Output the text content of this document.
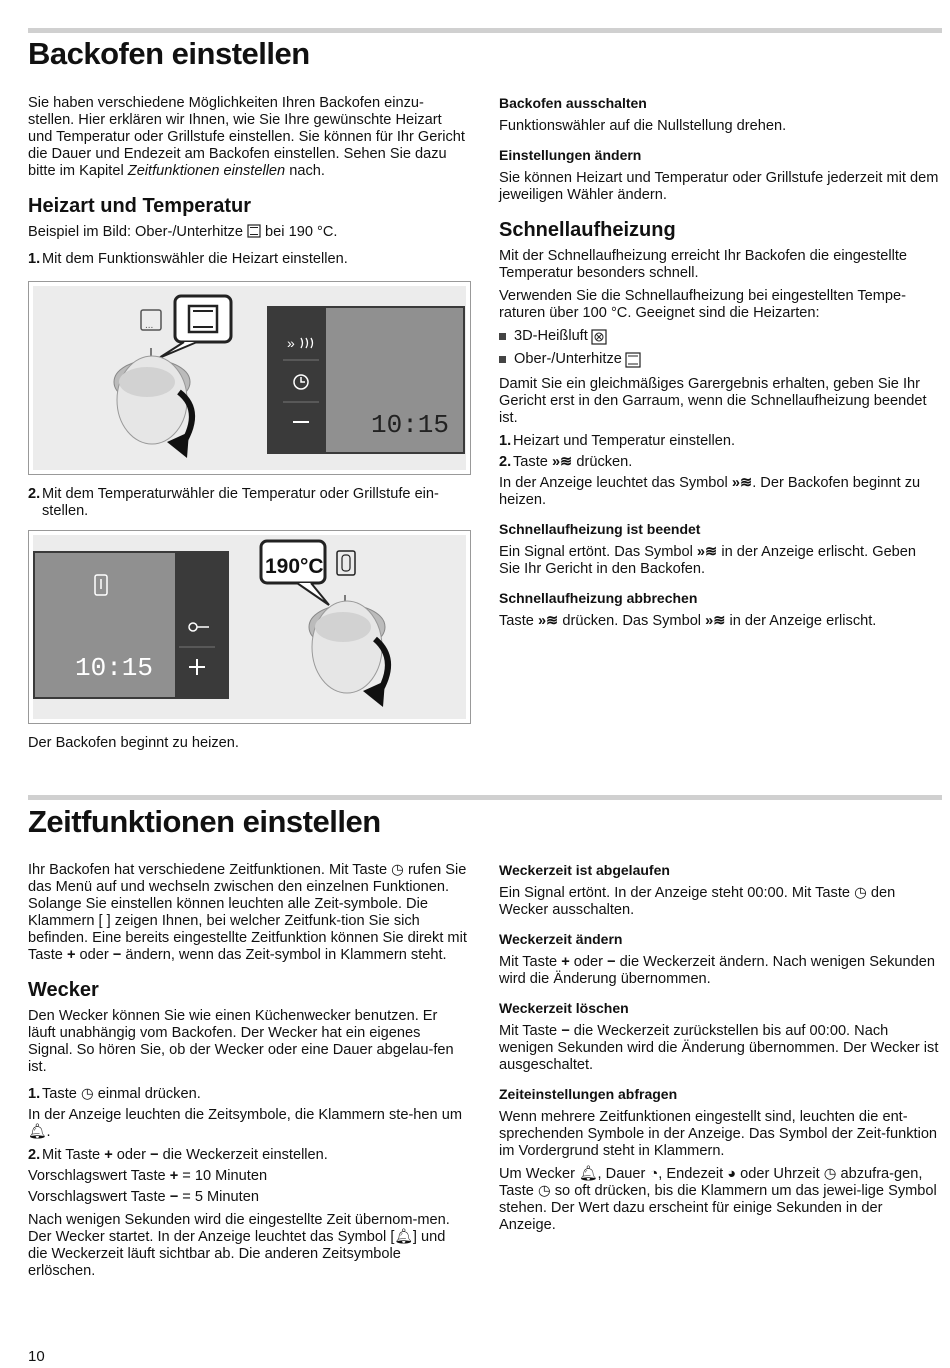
Backofen einstellen

Sie haben verschiedene Möglichkeiten Ihren Backofen einzu-stellen. Hier erklären wir Ihnen, wie Sie Ihre gewünschte Heizart und Temperatur oder Grillstufe einstellen. Sie können für Ihr Gericht die Dauer und Endezeit am Backofen einstellen. Sehen Sie dazu bitte im Kapitel Zeitfunktionen einstellen nach.

Heizart und Temperatur

Beispiel im Bild: Ober-/Unterhitze  bei 190 °C.

1. Mit dem Funktionswähler die Heizart einstellen.
...
»
10:15
2. Mit dem Temperaturwähler die Temperatur oder Grillstufe ein-stellen.
10:15
190°C

Der Backofen beginnt zu heizen.

Backofen ausschalten

Funktionswähler auf die Nullstellung drehen.

Einstellungen ändern

Sie können Heizart und Temperatur oder Grillstufe jederzeit mit dem jeweiligen Wähler ändern.

Schnellaufheizung

Mit der Schnellaufheizung erreicht Ihr Backofen die eingestellte Temperatur besonders schnell.

Verwenden Sie die Schnellaufheizung bei eingestellten Tempe-raturen über 100 °C. Geeignet sind die Heizarten:

3D-Heißluft
Ober-/Unterhitze

Damit Sie ein gleichmäßiges Garergebnis erhalten, geben Sie Ihr Gericht erst in den Garraum, wenn die Schnellaufheizung beendet ist.

1. Heizart und Temperatur einstellen.
2. Taste »≋ drücken.

In der Anzeige leuchtet das Symbol »≋. Der Backofen beginnt zu heizen.

Schnellaufheizung ist beendet

Ein Signal ertönt. Das Symbol »≋ in der Anzeige erlischt. Geben Sie Ihr Gericht in den Backofen.

Schnellaufheizung abbrechen

Taste »≋ drücken. Das Symbol »≋ in der Anzeige erlischt.

Zeitfunktionen einstellen

Ihr Backofen hat verschiedene Zeitfunktionen. Mit Taste ◷ rufen Sie das Menü auf und wechseln zwischen den einzelnen Funktionen. Solange Sie einstellen können leuchten alle Zeit-symbole. Die Klammern [ ] zeigen Ihnen, bei welcher Zeitfunk-tion Sie sich befinden. Eine bereits eingestellte Zeitfunktion können Sie direkt mit Taste + oder − ändern, wenn das Zeit-symbol in Klammern steht.

Wecker

Den Wecker können Sie wie einen Küchenwecker benutzen. Er läuft unabhängig vom Backofen. Der Wecker hat ein eigenes Signal. So hören Sie, ob der Wecker oder eine Dauer abgelau-fen ist.

1. Taste ◷ einmal drücken.

In der Anzeige leuchten die Zeitsymbole, die Klammern ste-hen um 🔔︎.

2. Mit Taste + oder − die Weckerzeit einstellen.

Vorschlagswert Taste + = 10 Minuten

Vorschlagswert Taste − = 5 Minuten

Nach wenigen Sekunden wird die eingestellte Zeit übernom-men. Der Wecker startet. In der Anzeige leuchtet das Symbol [🔔︎] und die Weckerzeit läuft sichtbar ab. Die anderen Zeitsymbole erlöschen.

Weckerzeit ist abgelaufen

Ein Signal ertönt. In der Anzeige steht 00:00. Mit Taste ◷ den Wecker ausschalten.

Weckerzeit ändern

Mit Taste + oder − die Weckerzeit ändern. Nach wenigen Sekunden wird die Änderung übernommen.

Weckerzeit löschen

Mit Taste − die Weckerzeit zurückstellen bis auf 00:00. Nach wenigen Sekunden wird die Änderung übernommen. Der Wecker ist ausgeschaltet.

Zeiteinstellungen abfragen

Wenn mehrere Zeitfunktionen eingestellt sind, leuchten die ent-sprechenden Symbole in der Anzeige. Das Symbol der Zeit-funktion im Vordergrund steht in Klammern.

Um Wecker 🔔︎, Dauer ◔, Endezeit ◕ oder Uhrzeit ◷ abzufra-gen, Taste ◷ so oft drücken, bis die Klammern um das jewei-lige Symbol stehen. Der Wert dazu erscheint für einige Sekunden in der Anzeige.

10
